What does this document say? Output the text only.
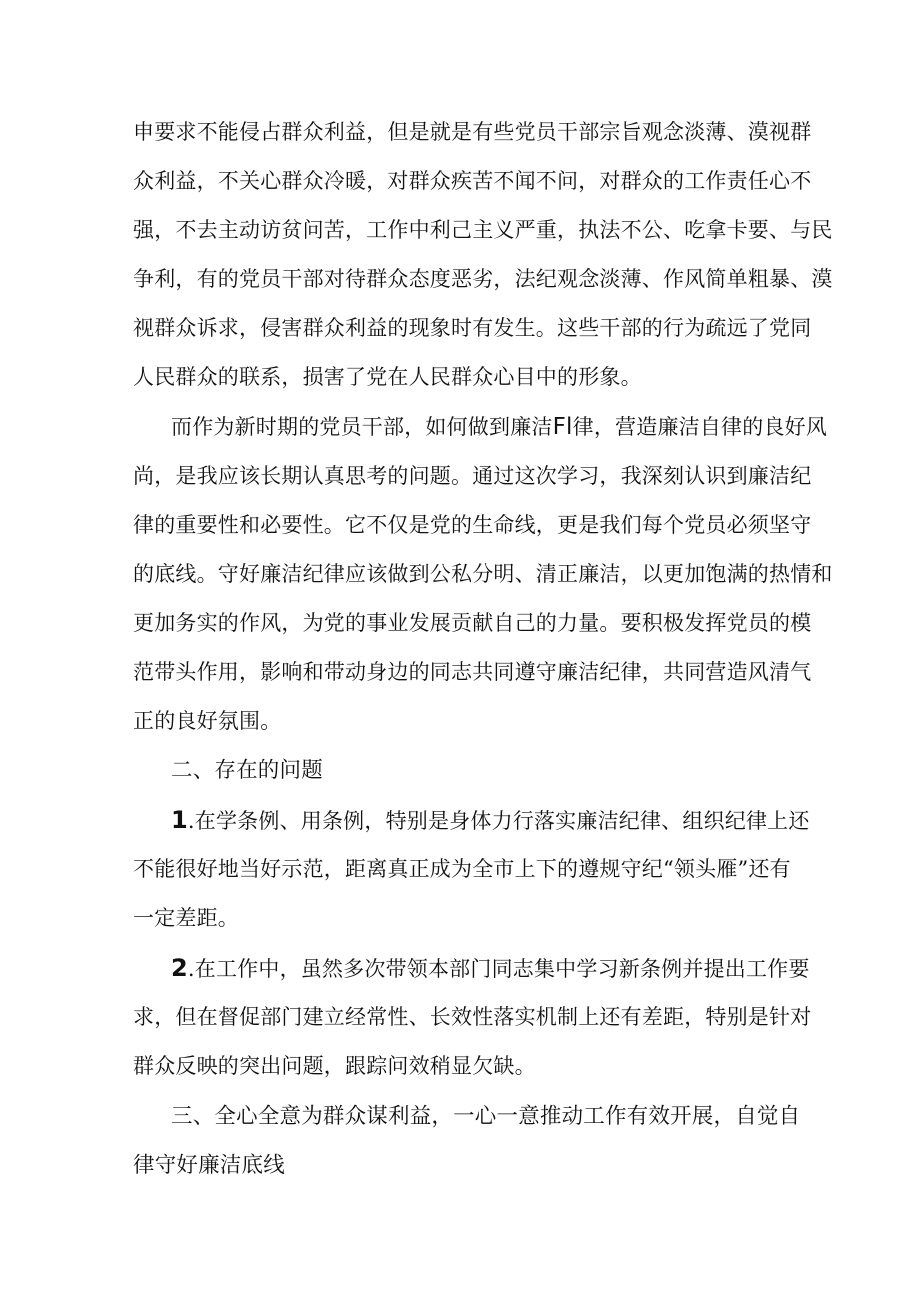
申要求不能侵占群众利益，但是就是有些党员干部宗旨观念淡薄、漠视群
众利益，不关心群众冷暖，对群众疾苦不闻不问，对群众的工作责任心不
强，不去主动访贫问苦，工作中利己主义严重，执法不公、吃拿卡要、与民
争利，有的党员干部对待群众态度恶劣，法纪观念淡薄、作风简单粗暴、漠
视群众诉求，侵害群众利益的现象时有发生。这些干部的行为疏远了党同
人民群众的联系，损害了党在人民群众心目中的形象。
而作为新时期的党员干部，如何做到廉洁Fl律，营造廉洁自律的良好风
尚，是我应该长期认真思考的问题。通过这次学习，我深刻认识到廉洁纪
律的重要性和必要性。它不仅是党的生命线，更是我们每个党员必须坚守
的底线。守好廉洁纪律应该做到公私分明、清正廉洁，以更加饱满的热情和
更加务实的作风，为党的事业发展贡献自己的力量。要积极发挥党员的模
范带头作用，影响和带动身边的同志共同遵守廉洁纪律，共同营造风清气
正的良好氛围。
二、存在的问题
1.在学条例、用条例，特别是身体力行落实廉洁纪律、组织纪律上还
不能很好地当好示范，距离真正成为全市上下的遵规守纪“领头雁”还有
一定差距。
2.在工作中，虽然多次带领本部门同志集中学习新条例并提出工作要
求，但在督促部门建立经常性、长效性落实机制上还有差距，特别是针对
群众反映的突出问题，跟踪问效稍显欠缺。
三、全心全意为群众谋利益，一心一意推动工作有效开展，自觉自
律守好廉洁底线
